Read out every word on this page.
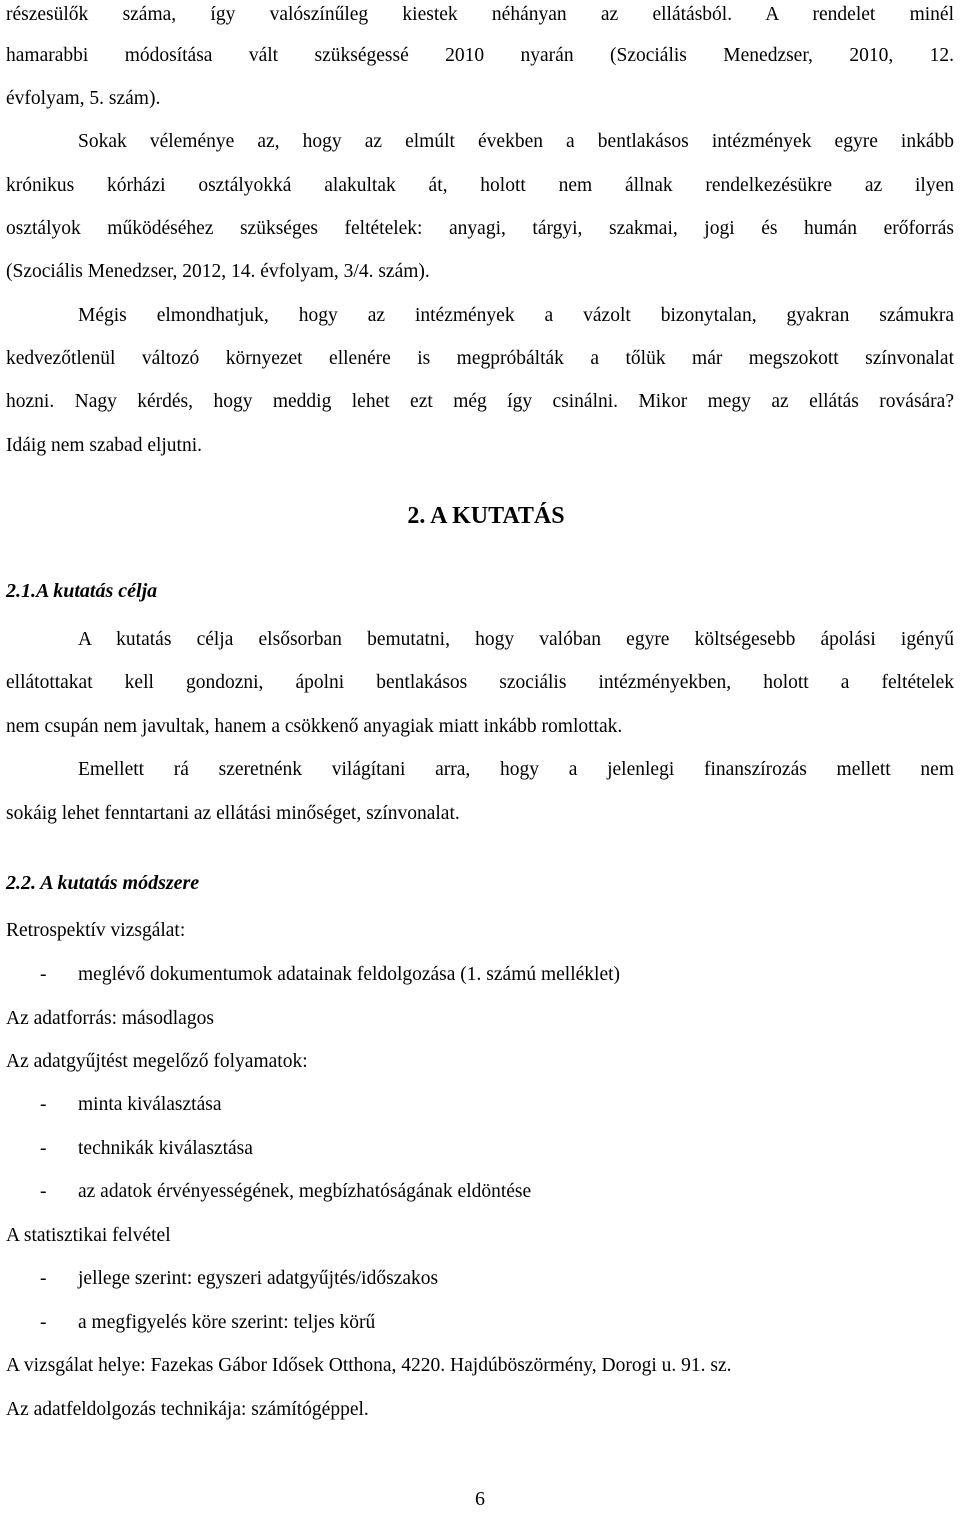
részesülők száma, így valószínűleg kiestek néhányan az ellátásból. A rendelet minél
hamarabbi módosítása vált szükségessé 2010 nyarán (Szociális Menedzser, 2010, 12.
évfolyam, 5. szám).
Sokak véleménye az, hogy az elmúlt években a bentlakásos intézmények egyre inkább
krónikus kórházi osztályokká alakultak át, holott nem állnak rendelkezésükre az ilyen
osztályok működéséhez szükséges feltételek: anyagi, tárgyi, szakmai, jogi és humán erőforrás
(Szociális Menedzser, 2012, 14. évfolyam, 3/4. szám).
Mégis elmondhatjuk, hogy az intézmények a vázolt bizonytalan, gyakran számukra
kedvezőtlenül változó környezet ellenére is megpróbálták a tőlük már megszokott színvonalat
hozni. Nagy kérdés, hogy meddig lehet ezt még így csinálni. Mikor megy az ellátás rovására?
Idáig nem szabad eljutni.
2. A KUTATÁS
2.1.A kutatás célja
A kutatás célja elsősorban bemutatni, hogy valóban egyre költségesebb ápolási igényű
ellátottakat kell gondozni, ápolni bentlakásos szociális intézményekben, holott a feltételek
nem csupán nem javultak, hanem a csökkenő anyagiak miatt inkább romlottak.
Emellett rá szeretnénk világítani arra, hogy a jelenlegi finanszírozás mellett nem
sokáig lehet fenntartani az ellátási minőséget, színvonalat.
2.2. A kutatás módszere
Retrospektív vizsgálat:
- meglévő dokumentumok adatainak feldolgozása (1. számú melléklet)
Az adatforrás: másodlagos
Az adatgyűjtést megelőző folyamatok:
- minta kiválasztása
- technikák kiválasztása
- az adatok érvényességének, megbízhatóságának eldöntése
A statisztikai felvétel
- jellege szerint: egyszeri adatgyűjtés/időszakos
- a megfigyelés köre szerint: teljes körű
A vizsgálat helye: Fazekas Gábor Idősek Otthona, 4220. Hajdúböszörmény, Dorogi u. 91. sz.
Az adatfeldolgozás technikája: számítógéppel.
6
